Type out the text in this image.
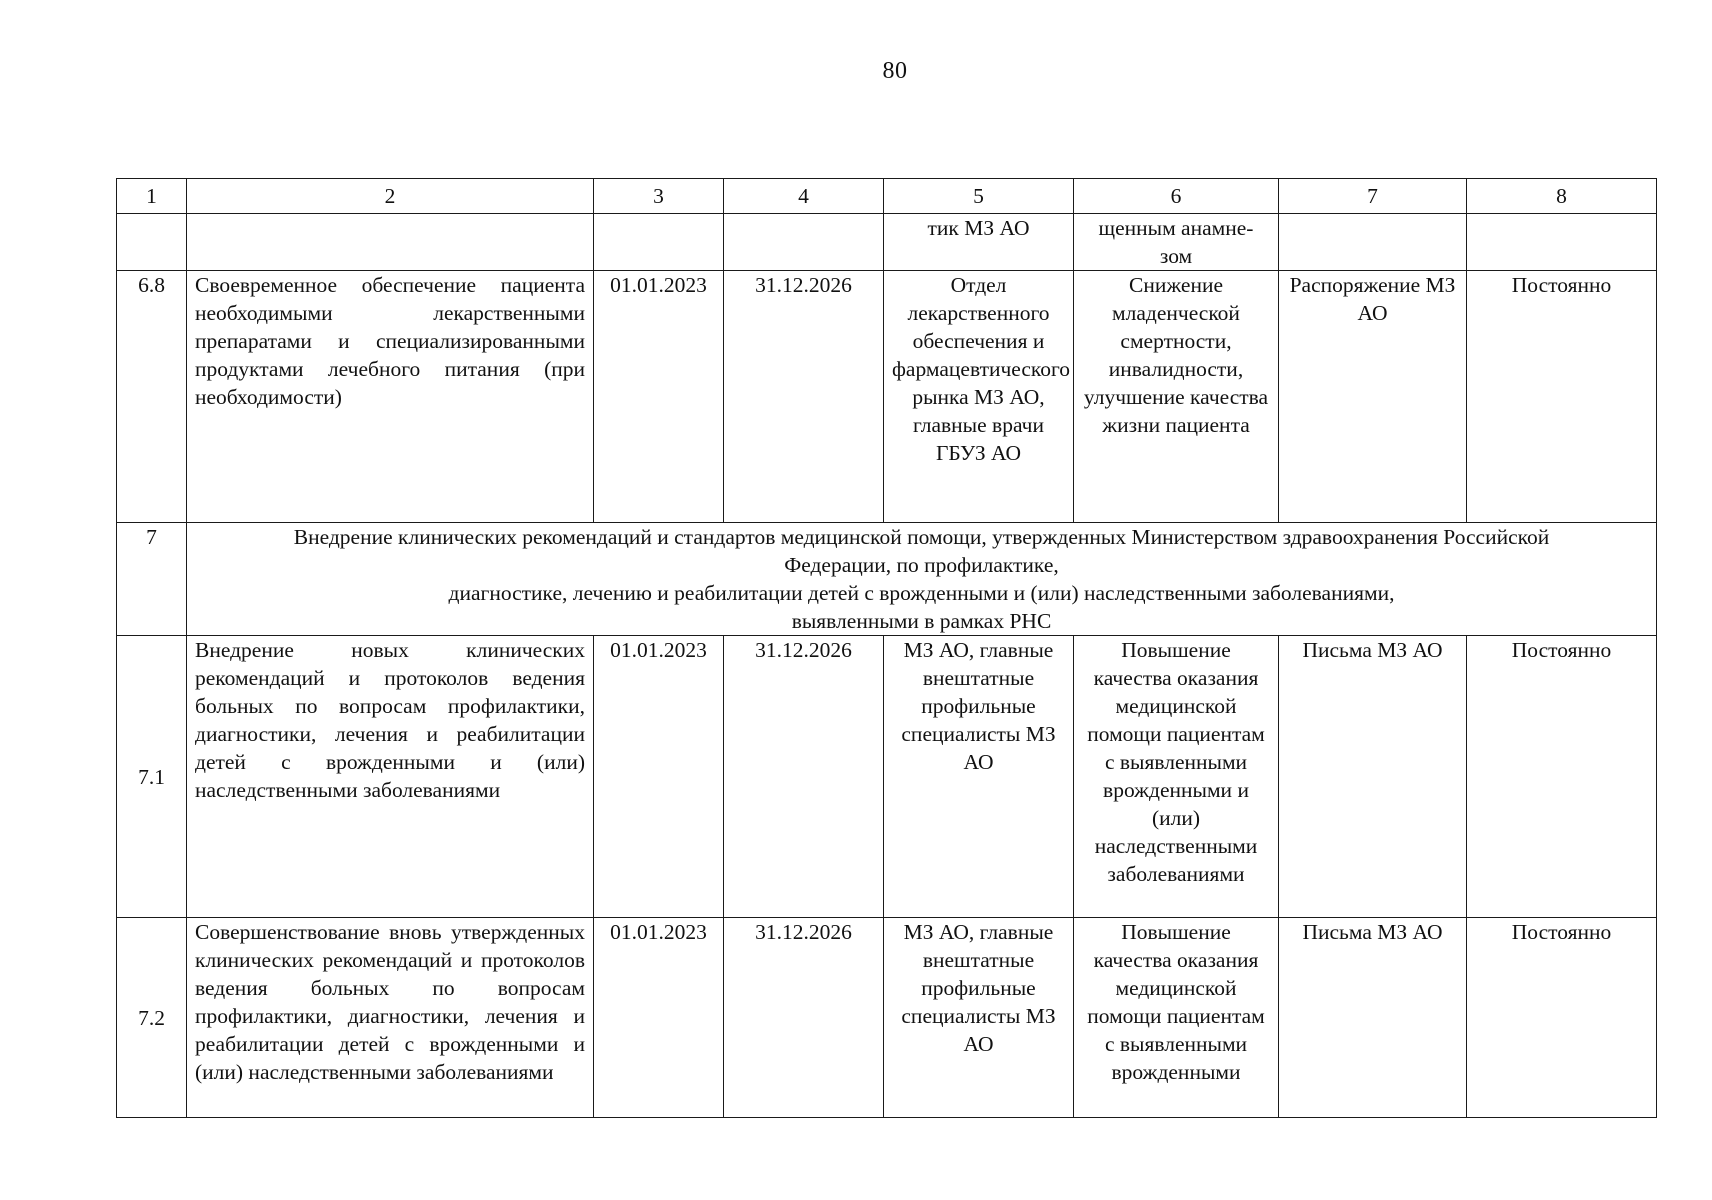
80
1	2	3	4	5	6	7	8
				тик МЗ АО	щенным анамне-
зом		

6.8	Своевременное обеспечение пациента необходимыми лекарственными препаратами и специализированными продуктами лечебного питания (при необходимости)	01.01.2023	31.12.2026	Отдел лекарственного обеспечения и фармацевтического рынка МЗ АО, главные врачи ГБУЗ АО	Снижение младенческой смертности, инвалидности, улучшение качества жизни пациента	Распоряжение МЗ АО	Постоянно
7	Внедрение клинических рекомендаций и стандартов медицинской помощи, утвержденных Министерством здравоохранения Российской
Федерации, по профилактике,
диагностике, лечению и реабилитации детей с врожденными и (или) наследственными заболеваниями,
выявленными в рамках РНС						

7.1	Внедрение новых клинических рекомендаций и протоколов ведения больных по вопросам профилактики, диагностики, лечения и реабилитации детей с врожденными и (или) наследственными заболеваниями	01.01.2023	31.12.2026	МЗ АО, главные внештатные профильные специалисты МЗ АО	Повышение качества оказания медицинской помощи пациентам с выявленными врожденными и (или) наследственными заболеваниями	Письма МЗ АО	Постоянно
7.2	Совершенствование вновь утвержденных клинических рекомендаций и протоколов ведения больных по вопросам профилактики, диагностики, лечения и реабилитации детей с врожденными и (или) наследственными заболеваниями	01.01.2023	31.12.2026	МЗ АО, главные внештатные профильные специалисты МЗ АО	Повышение качества оказания медицинской помощи пациентам с выявленными врожденными	Письма МЗ АО	Постоянно
